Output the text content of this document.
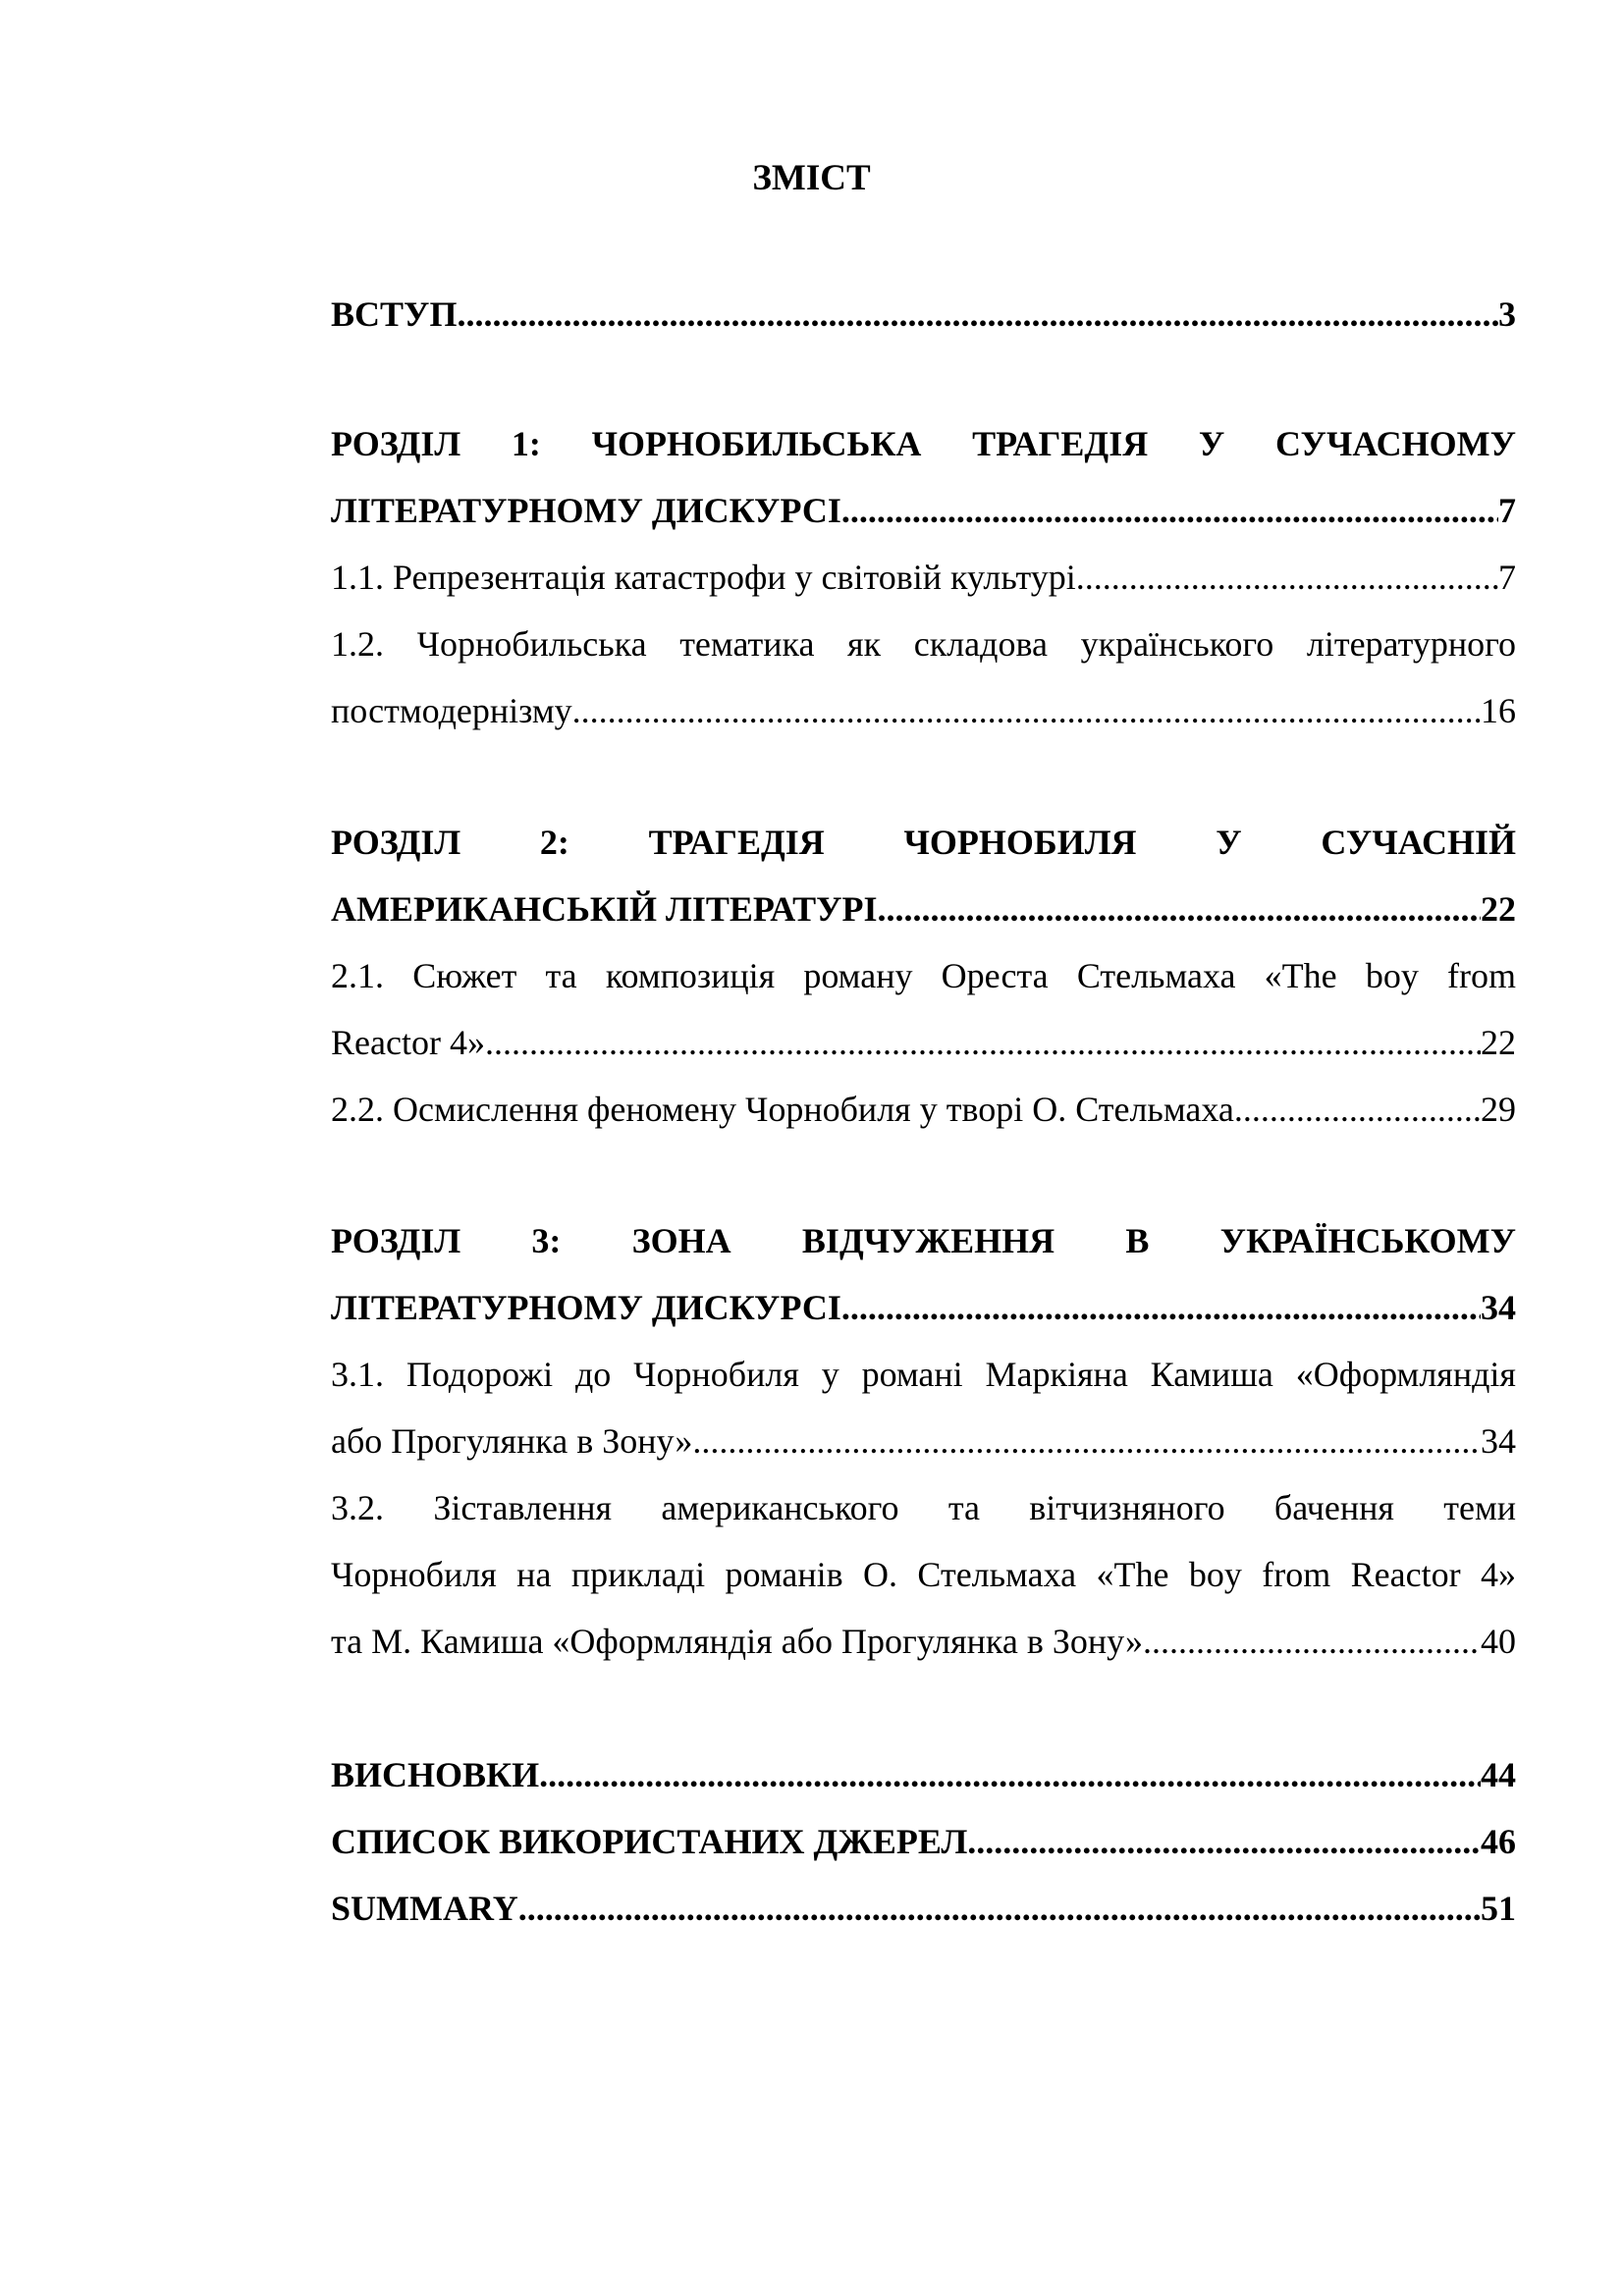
ЗМІСТ
ВСТУП .....	3
РОЗДІЛ 1: ЧОРНОБИЛЬСЬКА ТРАГЕДІЯ У СУЧАСНОМУ
ЛІТЕРАТУРНОМУ ДИСКУРСІ .....	7
1.1. Репрезентація катастрофи у світовій культурі .....	7
1.2. Чорнобильська тематика як складова українського літературного
постмодернізму .....	16
РОЗДІЛ 2: ТРАГЕДІЯ ЧОРНОБИЛЯ У СУЧАСНІЙ
АМЕРИКАНСЬКІЙ ЛІТЕРАТУРІ .....	22
2.1. Сюжет та композиція роману Ореста Стельмаха «The boy from
Reactor 4» .....	22
2.2. Осмислення феномену Чорнобиля у творі О. Стельмаха .....	29
РОЗДІЛ 3: ЗОНА ВІДЧУЖЕННЯ В УКРАЇНСЬКОМУ
ЛІТЕРАТУРНОМУ ДИСКУРСІ .....	34
3.1. Подорожі до Чорнобиля у романі Маркіяна Камиша «Оформляндія
або Прогулянка в Зону» .....	34
3.2. Зіставлення американського та вітчизняного бачення теми
Чорнобиля на прикладі романів О. Стельмаха «The boy from Reactor 4»
та М. Камиша «Оформляндія або Прогулянка в Зону» .....	40
ВИСНОВКИ .....	44
СПИСОК ВИКОРИСТАНИХ ДЖЕРЕЛ .....	46
SUMMARY .....	51
